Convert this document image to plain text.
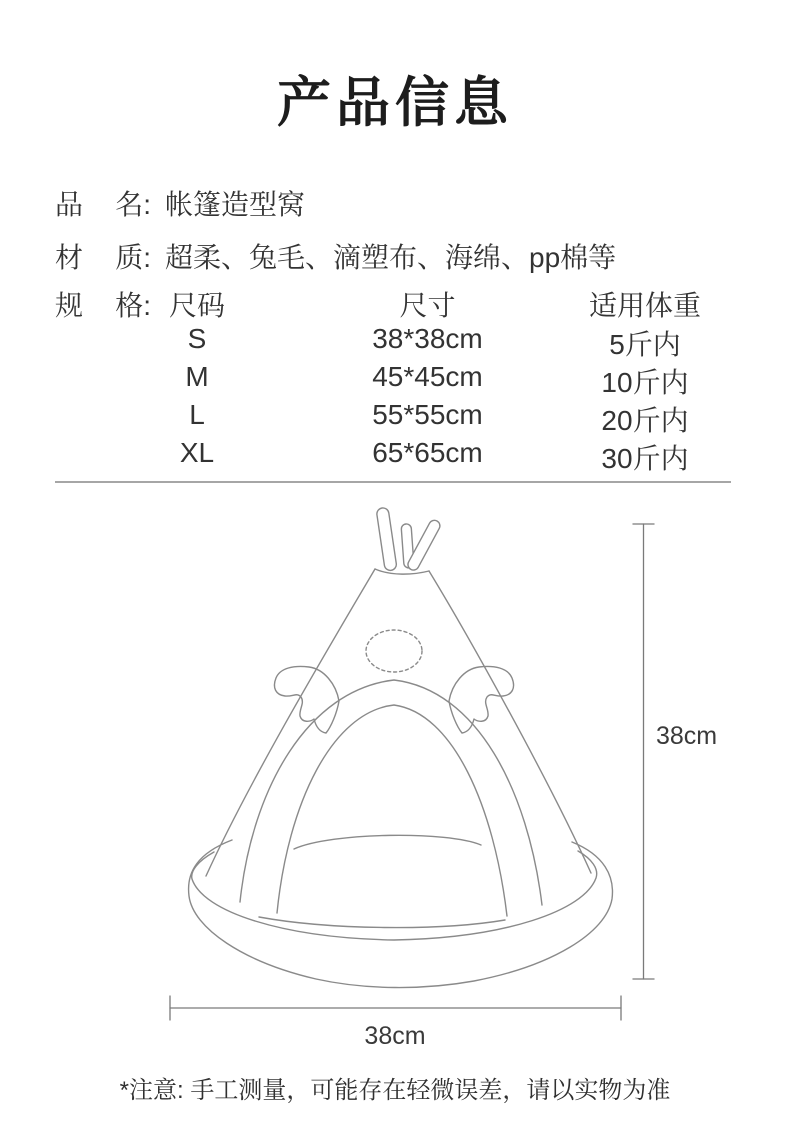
产品信息
品 名: 帐篷造型窝
材 质: 超柔、兔毛、滴塑布、海绵、pp棉等
规 格: 尺码	尺寸	适用体重
S	38*38cm	5斤内
M	45*45cm	10斤内
L	55*55cm	20斤内
XL	65*65cm	30斤内
38cm
38cm
*注意: 手工测量，可能存在轻微误差，请以实物为准
